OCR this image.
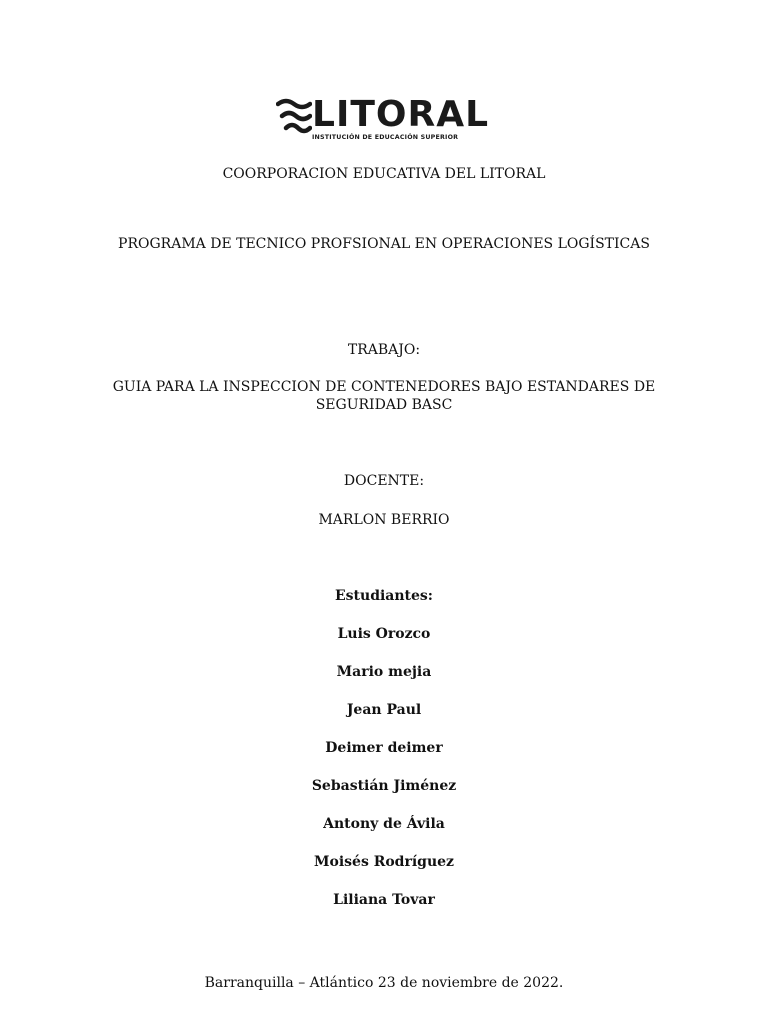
LITORAL
INSTITUCIÓN DE EDUCACIÓN SUPERIOR
COORPORACION EDUCATIVA DEL LITORAL
PROGRAMA DE TECNICO PROFSIONAL EN OPERACIONES LOGÍSTICAS
TRABAJO:
GUIA PARA LA INSPECCION DE CONTENEDORES BAJO ESTANDARES DE SEGURIDAD BASC
DOCENTE:
MARLON BERRIO
Estudiantes:
Luis Orozco
Mario mejia
Jean Paul
Deimer deimer
Sebastián Jiménez
Antony de Ávila
Moisés Rodríguez
Liliana Tovar
Barranquilla – Atlántico 23 de noviembre de 2022.
